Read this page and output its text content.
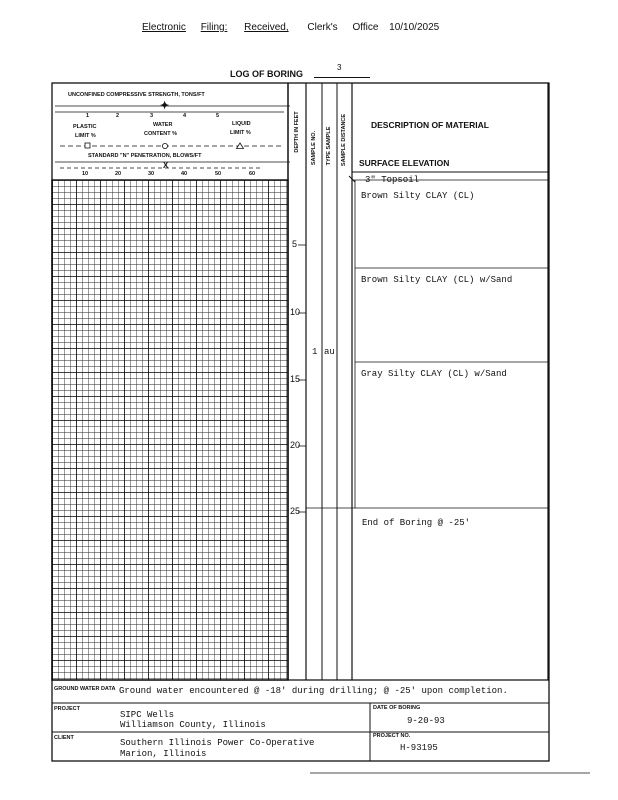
Electronic Filing: Received, Clerk's Office 10/10/2025
LOG OF BORING
3
UNCONFINED COMPRESSIVE STRENGTH, TONS/FT
✦
1	2	3	4	5
PLASTIC
LIMIT %
WATER
CONTENT %
LIQUID
LIMIT %
STANDARD "N" PENETRATION, BLOWS/FT
10	20	30	40	50	60
X
DEPTH IN FEET SAMPLE NO. TYPE SAMPLE SAMPLE DISTANCE	DESCRIPTION OF MATERIAL
SURFACE ELEVATION
5
10
15
20
25
1 au
3" Topsoil
Brown Silty CLAY (CL)
Brown Silty CLAY (CL) w/Sand
Gray Silty CLAY (CL) w/Sand
End of Boring @ -25'
GROUND WATER DATA Ground water encountered @ -18' during drilling; @ -25' upon completion.
PROJECT
SIPC Wells
Williamson County, Illinois
DATE OF BORING
9-20-93
CLIENT	Southern Illinois Power Co-Operative
Marion, Illinois
PROJECT NO.
H-93195
